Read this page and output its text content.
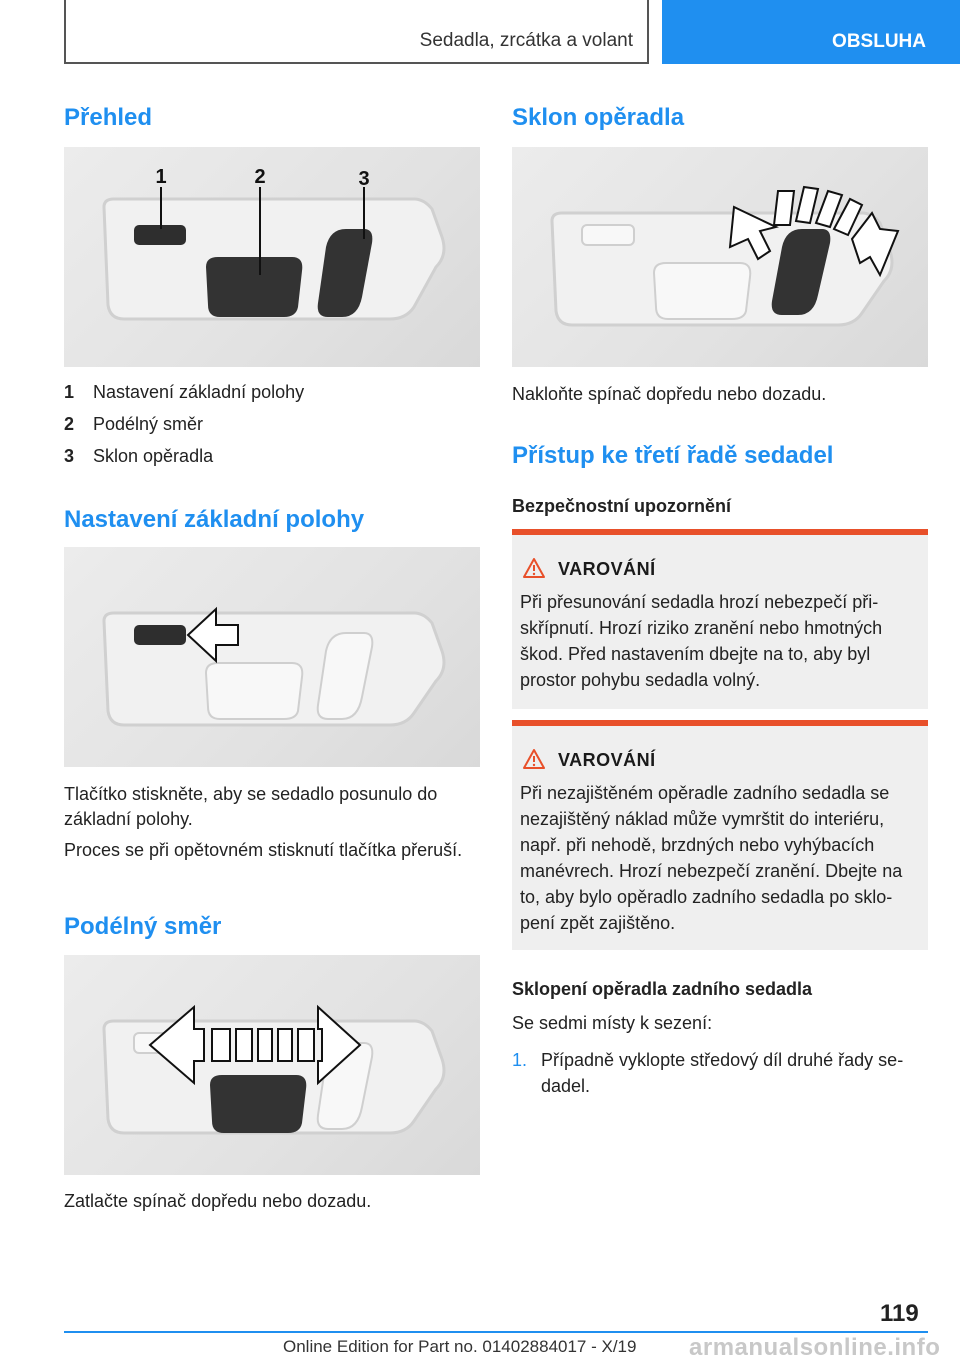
Sedadla, zrcátka a volant	OBSLUHA
Přehled
1	2	3
1 Nastavení základní polohy
2 Podélný směr
3 Sklon opěradla
Nastavení základní polohy
Tlačítko stiskněte, aby se sedadlo posunulo do základní polohy.
Proces se při opětovném stisknutí tlačítka přeruší.
Podélný směr
Zatlačte spínač dopředu nebo dozadu.
Sklon opěradla
Nakloňte spínač dopředu nebo dozadu.
Přístup ke třetí řadě sedadel
Bezpečnostní upozornění
VAROVÁNÍ
Při přesunování sedadla hrozí nebezpečí přiskřípnutí. Hrozí riziko zranění nebo hmotných škod. Před nastavením dbejte na to, aby byl prostor pohybu sedadla volný.
VAROVÁNÍ
Při nezajištěném opěradle zadního sedadla se nezajištěný náklad může vymrštit do interiéru, např. při nehodě, brzdných nebo vyhýbacích manévrech. Hrozí nebezpečí zranění. Dbejte na to, aby bylo opěradlo zadního sedadla po sklopení zpět zajištěno.
Sklopení opěradla zadního sedadla
Se sedmi místy k sezení:
1. Případně vyklopte středový díl druhé řady sedadel.
119
Online Edition for Part no. 01402884017 - X/19 armanualsonline.info
